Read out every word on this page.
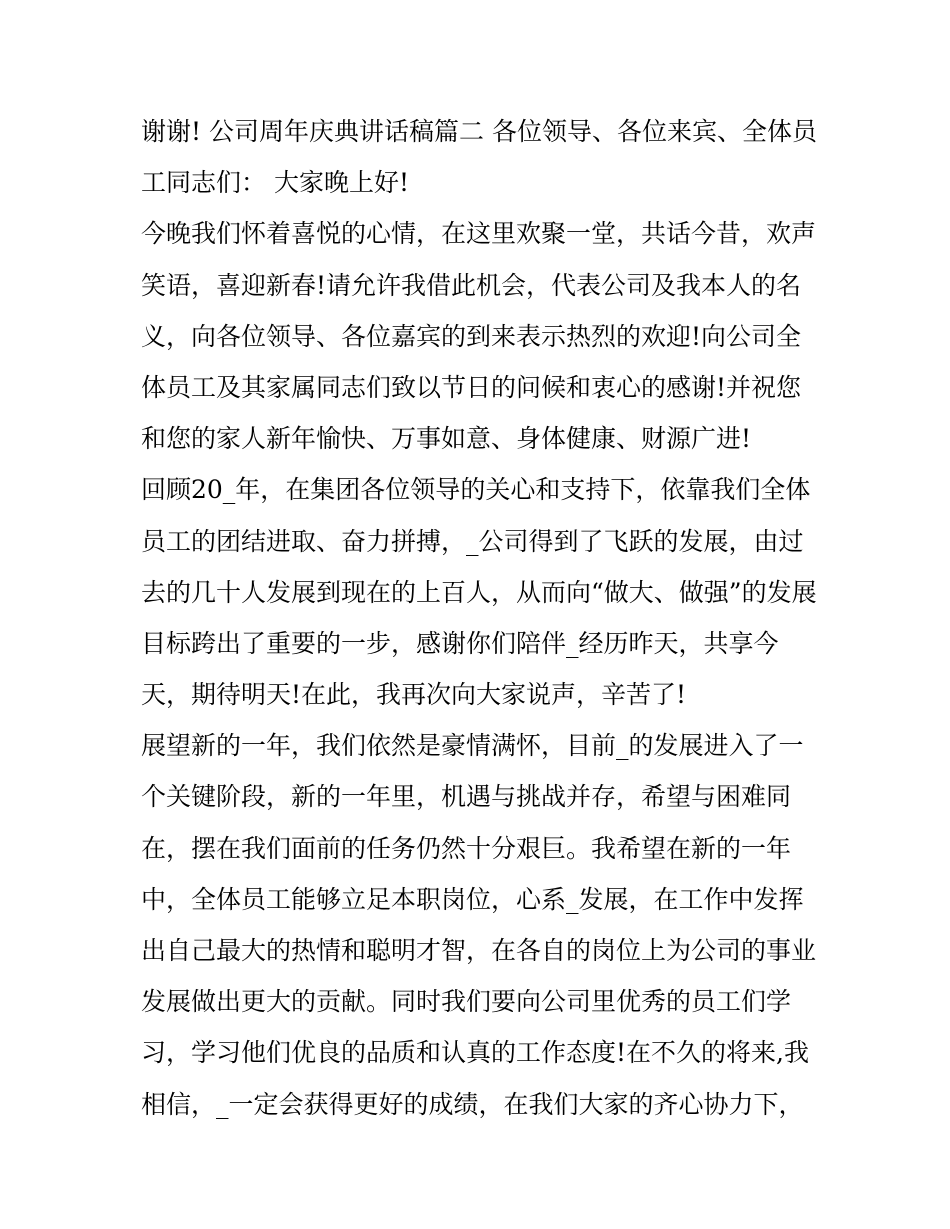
谢谢! 公司周年庆典讲话稿篇二 各位领导、各位来宾、全体员
工同志们： 大家晚上好!
今晚我们怀着喜悦的心情，在这里欢聚一堂，共话今昔，欢声
笑语，喜迎新春!请允许我借此机会，代表公司及我本人的名
义，向各位领导、各位嘉宾的到来表示热烈的欢迎!向公司全
体员工及其家属同志们致以节日的问候和衷心的感谢!并祝您
和您的家人新年愉快、万事如意、身体健康、财源广进!
回顾20_年，在集团各位领导的关心和支持下，依靠我们全体
员工的团结进取、奋力拼搏，_公司得到了飞跃的发展，由过
去的几十人发展到现在的上百人，从而向“做大、做强”的发展
目标跨出了重要的一步，感谢你们陪伴_经历昨天，共享今
天，期待明天!在此，我再次向大家说声，辛苦了!
展望新的一年，我们依然是豪情满怀，目前_的发展进入了一
个关键阶段，新的一年里，机遇与挑战并存，希望与困难同
在，摆在我们面前的任务仍然十分艰巨。我希望在新的一年
中，全体员工能够立足本职岗位，心系_发展，在工作中发挥
出自己最大的热情和聪明才智，在各自的岗位上为公司的事业
发展做出更大的贡献。同时我们要向公司里优秀的员工们学
习，学习他们优良的品质和认真的工作态度!在不久的将来,我
相信，_一定会获得更好的成绩，在我们大家的齐心协力下，
